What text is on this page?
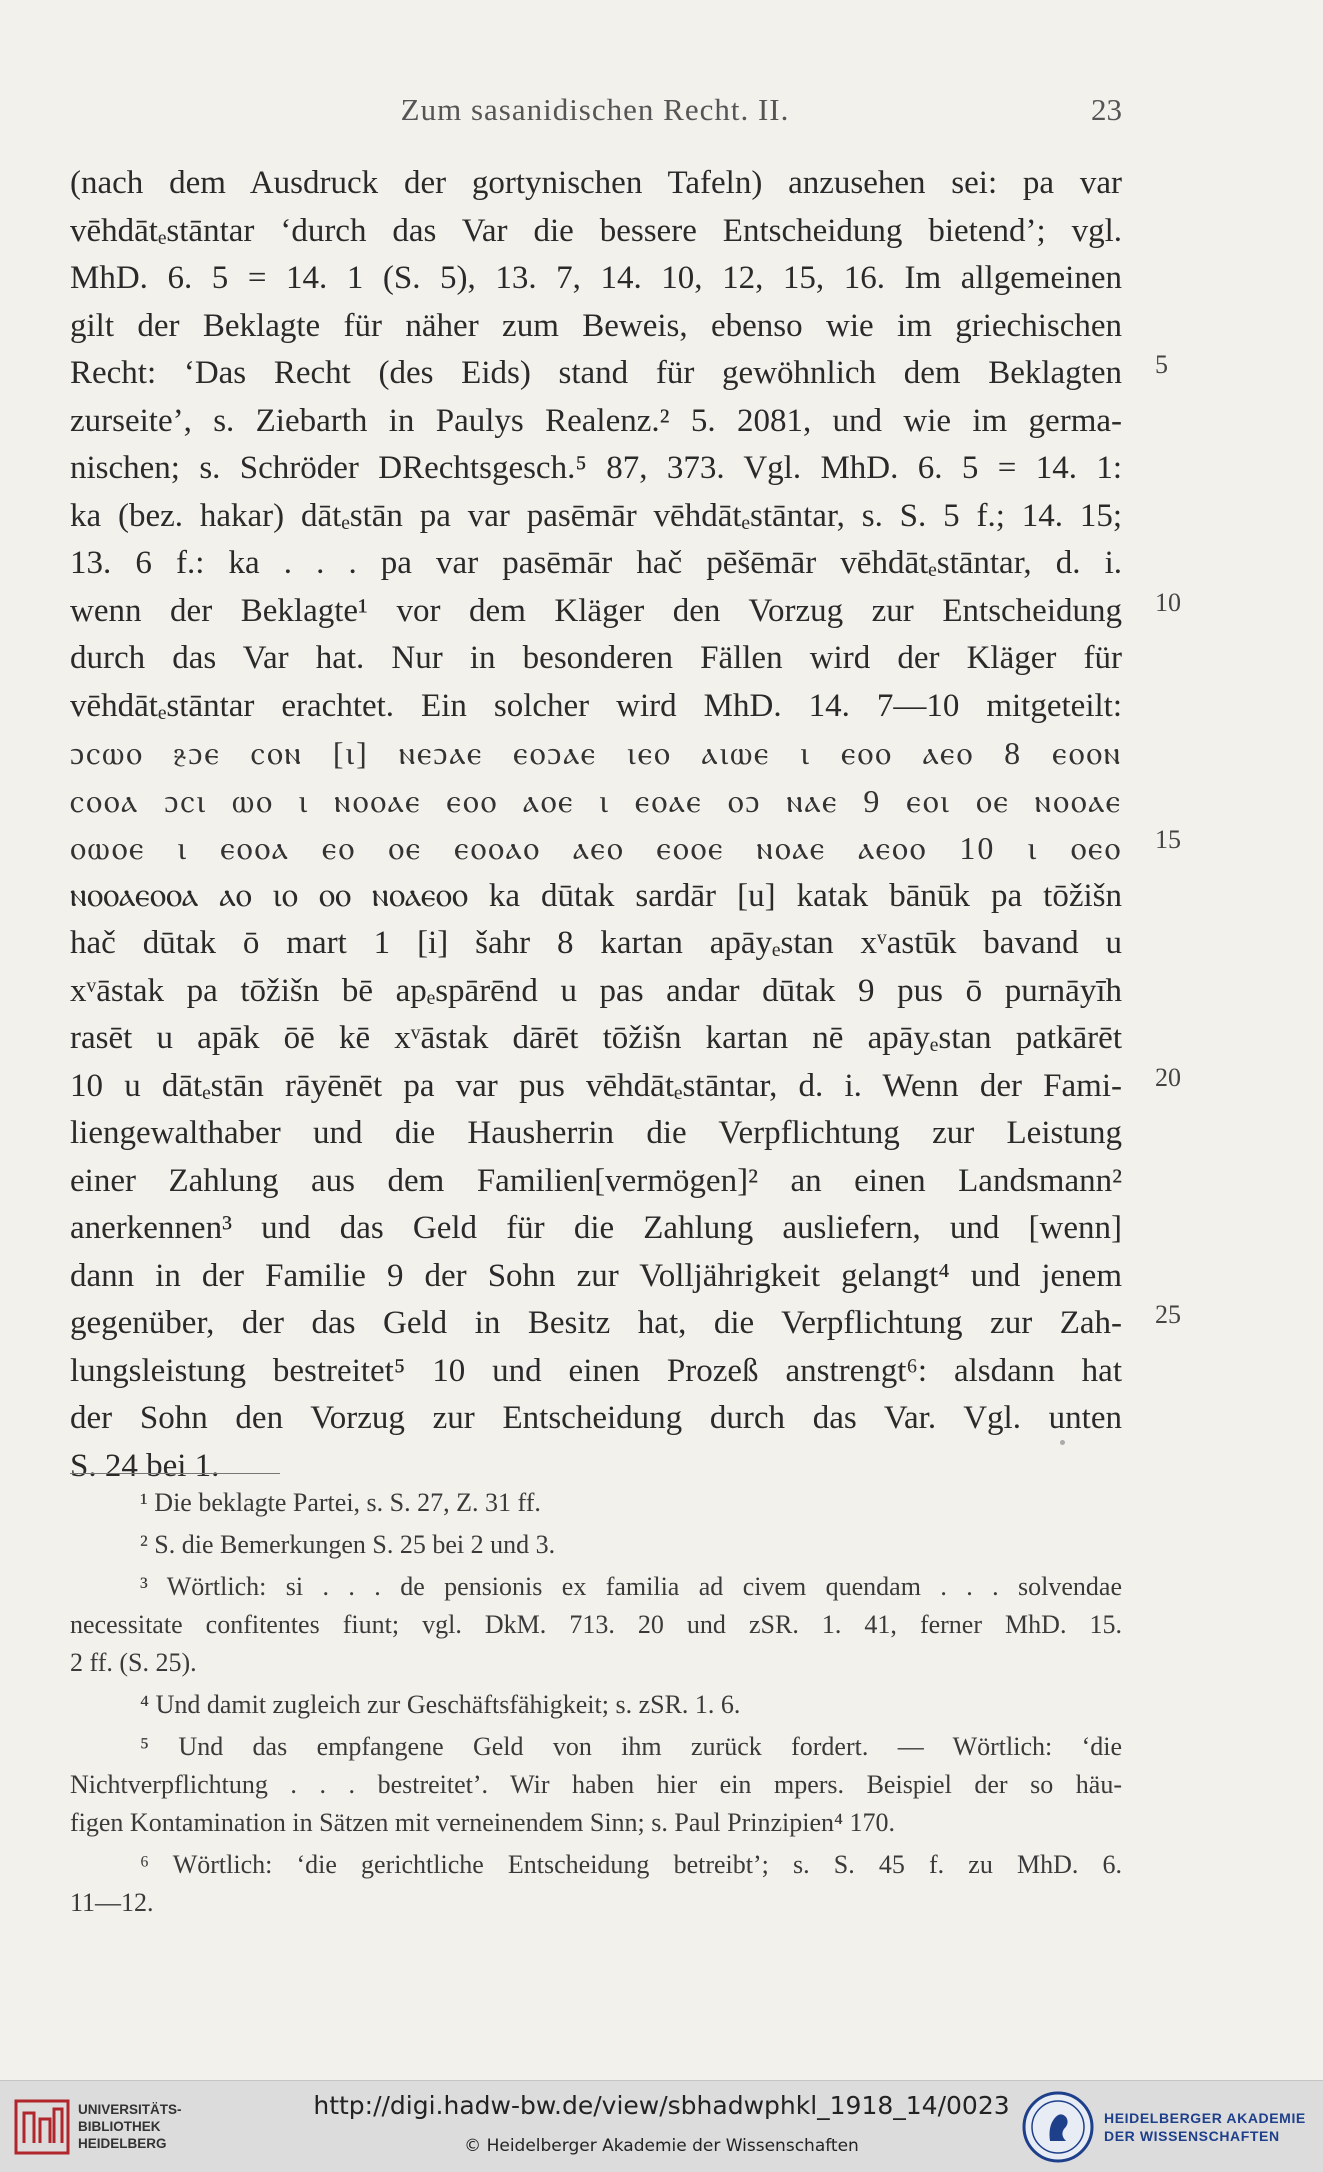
Zum sasanidischen Recht. II.	23
(nach dem Ausdruck der gortynischen Tafeln) anzusehen sei: pa var
vēhdātₑstāntar ‘durch das Var die bessere Entscheidung bietend’; vgl.
MhD. 6. 5 = 14. 1 (S. 5), 13. 7, 14. 10, 12, 15, 16. Im allgemeinen
gilt der Beklagte für näher zum Beweis, ebenso wie im griechischen
Recht: ‘Das Recht (des Eids) stand für gewöhnlich dem Beklagten 5
zurseite’, s. Ziebarth in Paulys Realenz.² 5. 2081, und wie im germa-
nischen; s. Schröder DRechtsgesch.⁵ 87, 373. Vgl. MhD. 6. 5 = 14. 1:
ka (bez. hakar) dātₑstān pa var pasēmār vēhdātₑstāntar, s. S. 5 f.; 14. 15;
13. 6 f.: ka . . . pa var pasēmār hač pēšēmār vēhdātₑstāntar, d. i.
wenn der Beklagte¹ vor dem Kläger den Vorzug zur Entscheidung 10
durch das Var hat. Nur in besonderen Fällen wird der Kläger für
vēhdātₑstāntar erachtet. Ein solcher wird MhD. 14. 7—10 mitgeteilt:
ɔⲥⲱⲟ ⳉɔⲉ ⲥⲟⲛ [ɩ] ⲛⲉɔⲁⲉ ⲉⲟɔⲁⲉ ɩⲉⲟ ⲁɩⲱⲉ ɩ ⲉⲟⲟ ⲁⲉⲟ 8 ⲉⲟⲟⲛ
ⲥⲟⲟⲁ ɔⲥɩ ⲱⲟ ɩ ⲛⲟⲟⲁⲉ ⲉⲟⲟ ⲁⲟⲉ ɩ ⲉⲟⲁⲉ ⲟɔ ⲛⲁⲉ 9 ⲉⲟɩ ⲟⲉ ⲛⲟⲟⲁⲉ
ⲟⲱⲟⲉ ɩ ⲉⲟⲟⲁ ⲉⲟ ⲟⲉ ⲉⲟⲟⲁⲟ ⲁⲉⲟ ⲉⲟⲟⲉ ⲛⲟⲁⲉ ⲁⲉⲟⲟ 10 ɩ ⲟⲉⲟ 15
ⲛⲟⲟⲁⲉⲟⲟⲁ ⲁⲟ ɩⲟ ⲟⲟ ⲛⲟⲁⲉⲟⲟ ka dūtak sardār [u] katak bānūk pa tōžišn
hač dūtak ō mart 1 [i] šahr 8 kartan apāyₑstan xᵛastūk bavand u
xᵛāstak pa tōžišn bē apₑspārēnd u pas andar dūtak 9 pus ō purnāyīh
rasēt u apāk ōē kē xᵛāstak dārēt tōžišn kartan nē apāyₑstan patkārēt
10 u dātₑstān rāyēnēt pa var pus vēhdātₑstāntar, d. i. Wenn der Fami- 20
liengewalthaber und die Hausherrin die Verpflichtung zur Leistung
einer Zahlung aus dem Familien[vermögen]² an einen Landsmann²
anerkennen³ und das Geld für die Zahlung ausliefern, und [wenn]
dann in der Familie 9 der Sohn zur Volljährigkeit gelangt⁴ und jenem
gegenüber, der das Geld in Besitz hat, die Verpflichtung zur Zah- 25
lungsleistung bestreitet⁵ 10 und einen Prozeß anstrengt⁶: alsdann hat
der Sohn den Vorzug zur Entscheidung durch das Var. Vgl. unten
S. 24 bei 1.
¹ Die beklagte Partei, s. S. 27, Z. 31 ff.
² S. die Bemerkungen S. 25 bei 2 und 3.
³ Wörtlich: si . . . de pensionis ex familia ad civem quendam . . . solvendae
necessitate confitentes fiunt; vgl. DkM. 713. 20 und zSR. 1. 41, ferner MhD. 15.
2 ff. (S. 25).
⁴ Und damit zugleich zur Geschäftsfähigkeit; s. zSR. 1. 6.
⁵ Und das empfangene Geld von ihm zurück fordert. — Wörtlich: ‘die
Nichtverpflichtung . . . bestreitet’. Wir haben hier ein mpers. Beispiel der so häu-
figen Kontamination in Sätzen mit verneinendem Sinn; s. Paul Prinzipien⁴ 170.
⁶ Wörtlich: ‘die gerichtliche Entscheidung betreibt’; s. S. 45 f. zu MhD. 6.
11—12.
UNIVERSITÄTS-
BIBLIOTHEK
HEIDELBERG
http://digi.hadw-bw.de/view/sbhadwphkl_1918_14/0023
© Heidelberger Akademie der Wissenschaften
HEIDELBERGER AKADEMIE
DER WISSENSCHAFTEN
